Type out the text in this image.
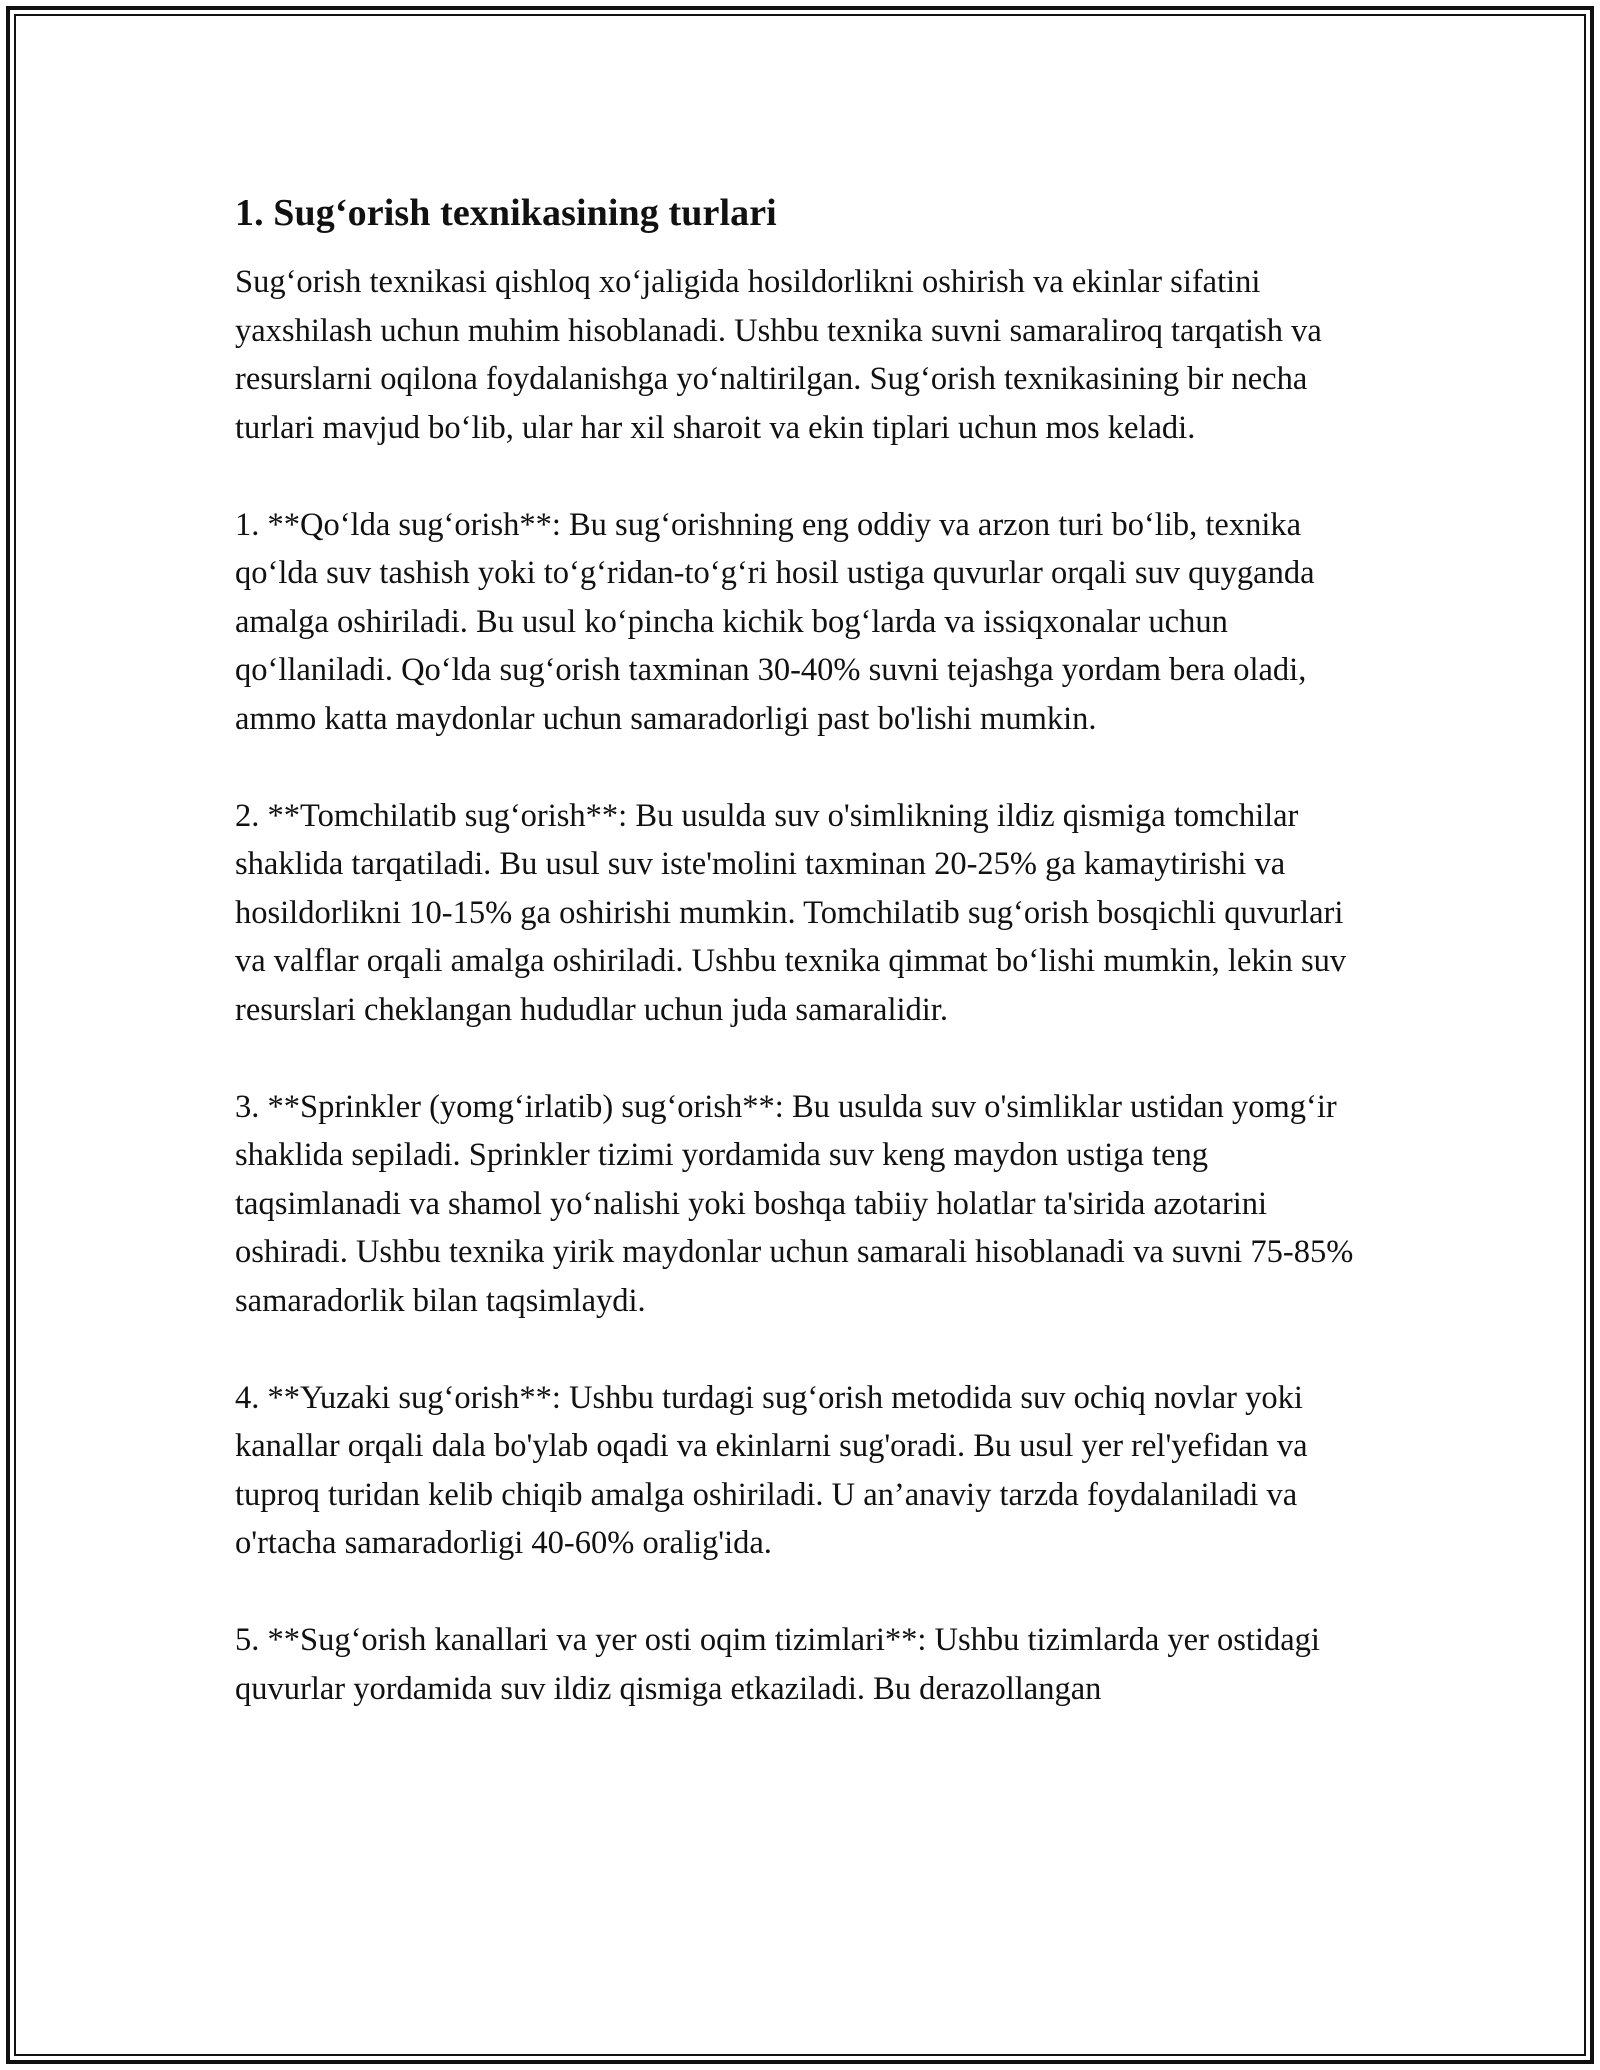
1. Sug‘orish texnikasining turlari

Sug‘orish texnikasi qishloq xo‘jaligida hosildorlikni oshirish va ekinlar sifatini yaxshilash uchun muhim hisoblanadi. Ushbu texnika suvni samaraliroq tarqatish va resurslarni oqilona foydalanishga yo‘naltirilgan. Sug‘orish texnikasining bir necha turlari mavjud bo‘lib, ular har xil sharoit va ekin tiplari uchun mos keladi.

1. **Qo‘lda sug‘orish**: Bu sug‘orishning eng oddiy va arzon turi bo‘lib, texnika qo‘lda suv tashish yoki to‘g‘ridan-to‘g‘ri hosil ustiga quvurlar orqali suv quyganda amalga oshiriladi. Bu usul ko‘pincha kichik bog‘larda va issiqxonalar uchun qo‘llaniladi. Qo‘lda sug‘orish taxminan 30-40% suvni tejashga yordam bera oladi, ammo katta maydonlar uchun samaradorligi past bo'lishi mumkin.

2. **Tomchilatib sug‘orish**: Bu usulda suv o'simlikning ildiz qismiga tomchilar shaklida tarqatiladi. Bu usul suv iste'molini taxminan 20-25% ga kamaytirishi va hosildorlikni 10-15% ga oshirishi mumkin. Tomchilatib sug‘orish bosqichli quvurlari va valflar orqali amalga oshiriladi. Ushbu texnika qimmat bo‘lishi mumkin, lekin suv resurslari cheklangan hududlar uchun juda samaralidir.

3. **Sprinkler (yomg‘irlatib) sug‘orish**: Bu usulda suv o'simliklar ustidan yomg‘ir shaklida sepiladi. Sprinkler tizimi yordamida suv keng maydon ustiga teng taqsimlanadi va shamol yo‘nalishi yoki boshqa tabiiy holatlar ta'sirida azotarini oshiradi. Ushbu texnika yirik maydonlar uchun samarali hisoblanadi va suvni 75-85% samaradorlik bilan taqsimlaydi.

4. **Yuzaki sug‘orish**: Ushbu turdagi sug‘orish metodida suv ochiq novlar yoki kanallar orqali dala bo'ylab oqadi va ekinlarni sug'oradi. Bu usul yer rel'yefidan va tuproq turidan kelib chiqib amalga oshiriladi. U an’anaviy tarzda foydalaniladi va o'rtacha samaradorligi 40-60% oralig'ida.

5. **Sug‘orish kanallari va yer osti oqim tizimlari**: Ushbu tizimlarda yer ostidagi quvurlar yordamida suv ildiz qismiga etkaziladi. Bu derazollangan
